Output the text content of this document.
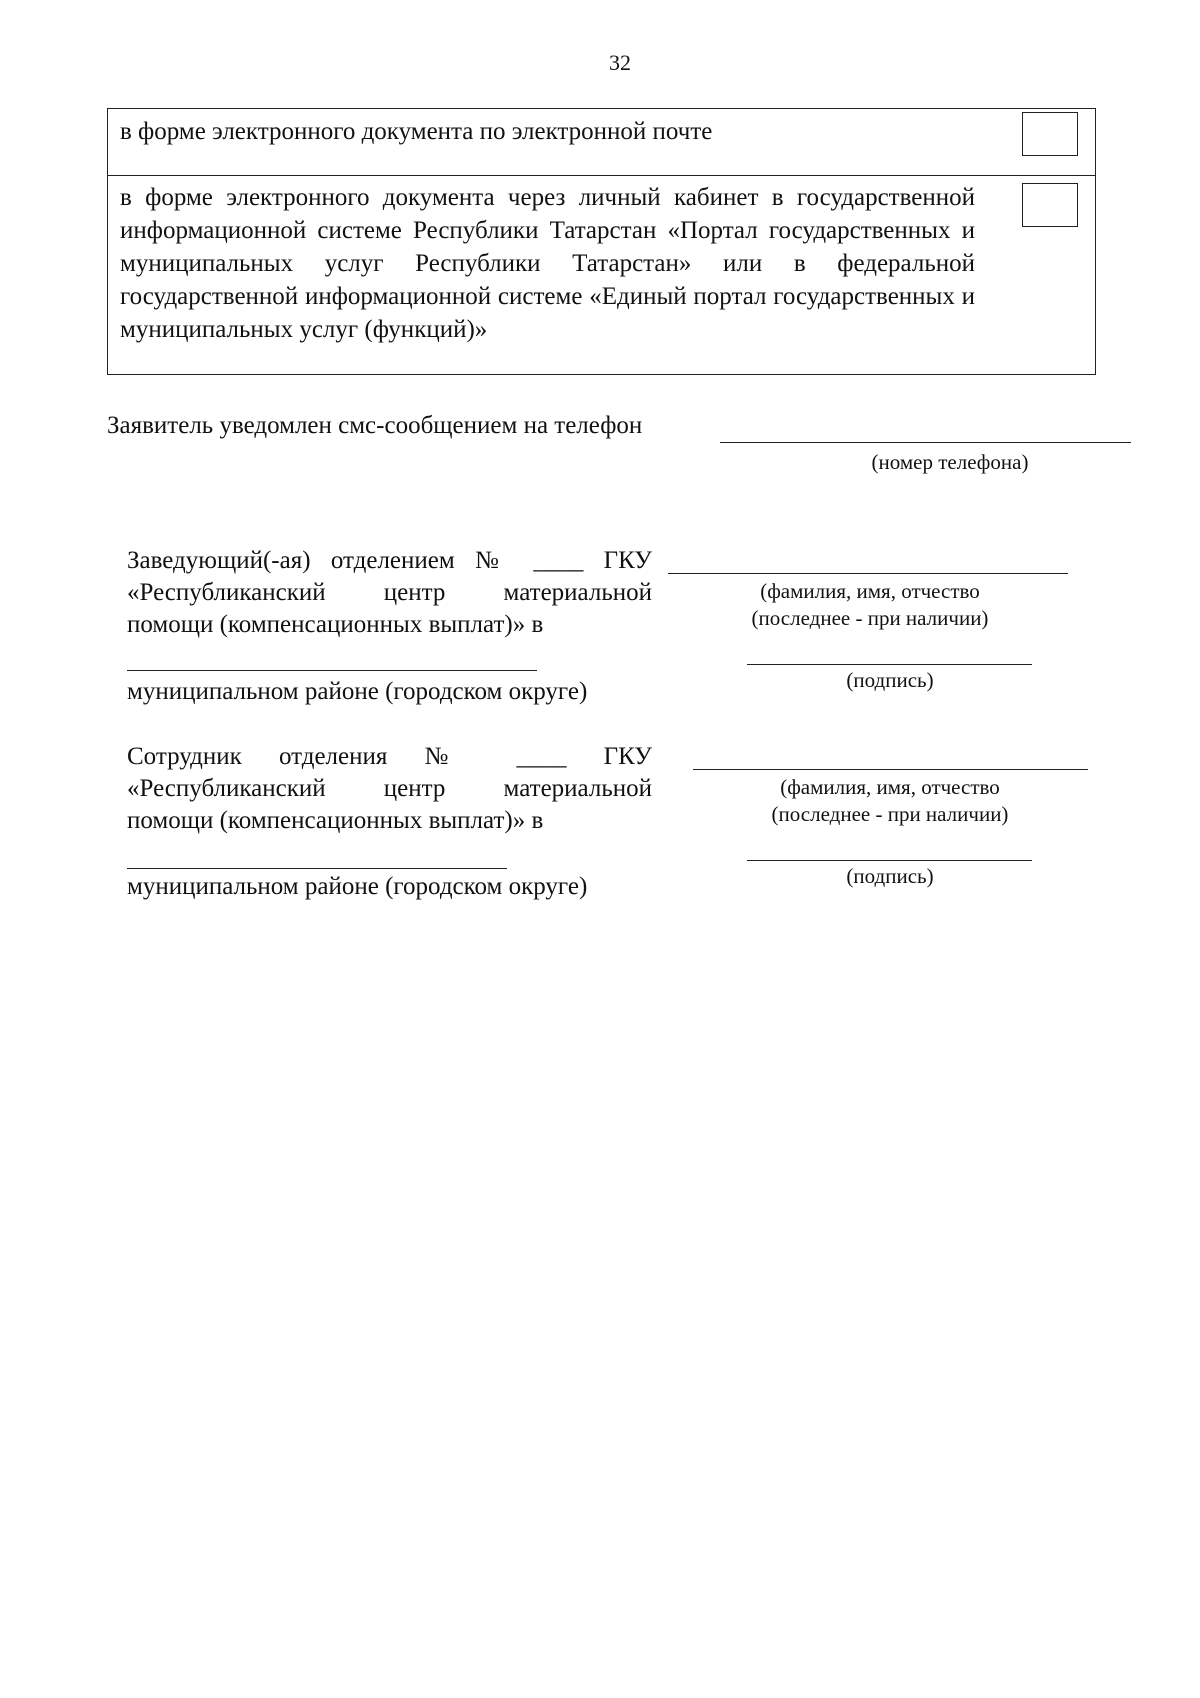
32
в форме электронного документа по электронной почте
в форме электронного документа через личный кабинет в государственной информационной системе Республики Татарстан «Портал государственных и муниципальных услуг Республики Татарстан» или в федеральной государственной информационной системе «Единый портал государственных и муниципальных услуг (функций)»
Заявитель уведомлен смс-сообщением на телефон
(номер телефона)
Заведующий(-ая) отделением № ____ ГКУ
«Республиканский центр материальной
помощи (компенсационных выплат)» в
муниципальном районе (городском округе)
(фамилия, имя, отчество
(последнее - при наличии)
(подпись)
Сотрудник отделения № ____ ГКУ
«Республиканский центр материальной
помощи (компенсационных выплат)» в
муниципальном районе (городском округе)
(фамилия, имя, отчество
(последнее - при наличии)
(подпись)
